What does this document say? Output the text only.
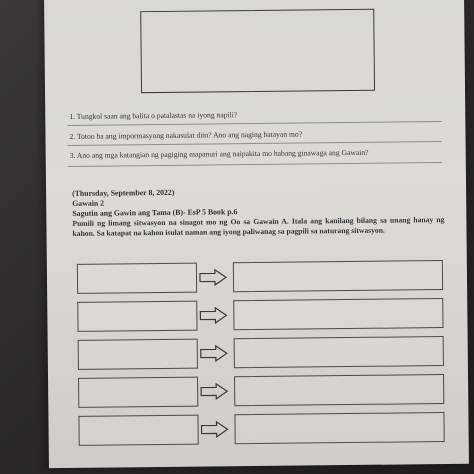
1. Tungkol saan ang balita o patalastas na iyong napili?
2. Totoo ba ang impormasyong nakasulat dito? Ano ang naging batayan mo?
3. Ano ang mga katangian ng pagiging mapanuri ang naipakita mo habang ginawaga ang Gawain?
(Thursday, September 8, 2022)
Gawain 2
Sagutin ang Gawin ang Tama (B)- EsP 5 Book p.6
Pumili ng limang sitwasyon na sinagot mo ng Oo sa Gawain A. Itala ang kanilang bilang sa unang hanay ng kahon. Sa katapat na kahon isulat naman ang iyong paliwanag sa pagpili sa naturang sitwasyon.
